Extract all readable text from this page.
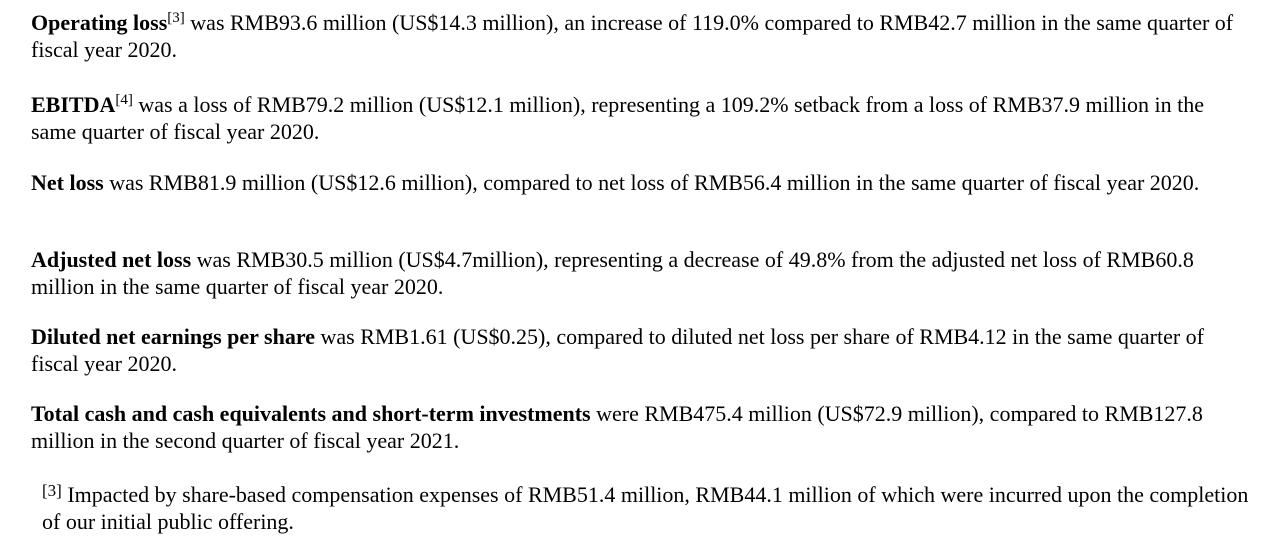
Operating loss[3] was RMB93.6 million (US$14.3 million), an increase of 119.0% compared to RMB42.7 million in the same quarter of fiscal year 2020.

EBITDA[4] was a loss of RMB79.2 million (US$12.1 million), representing a 109.2% setback from a loss of RMB37.9 million in the same quarter of fiscal year 2020.

Net loss was RMB81.9 million (US$12.6 million), compared to net loss of RMB56.4 million in the same quarter of fiscal year 2020.

Adjusted net loss was RMB30.5 million (US$4.7million), representing a decrease of 49.8% from the adjusted net loss of RMB60.8 million in the same quarter of fiscal year 2020.

Diluted net earnings per share was RMB1.61 (US$0.25), compared to diluted net loss per share of RMB4.12 in the same quarter of fiscal year 2020.

Total cash and cash equivalents and short-term investments were RMB475.4 million (US$72.9 million), compared to RMB127.8 million in the second quarter of fiscal year 2021.

[3] Impacted by share-based compensation expenses of RMB51.4 million, RMB44.1 million of which were incurred upon the completion of our initial public offering.
